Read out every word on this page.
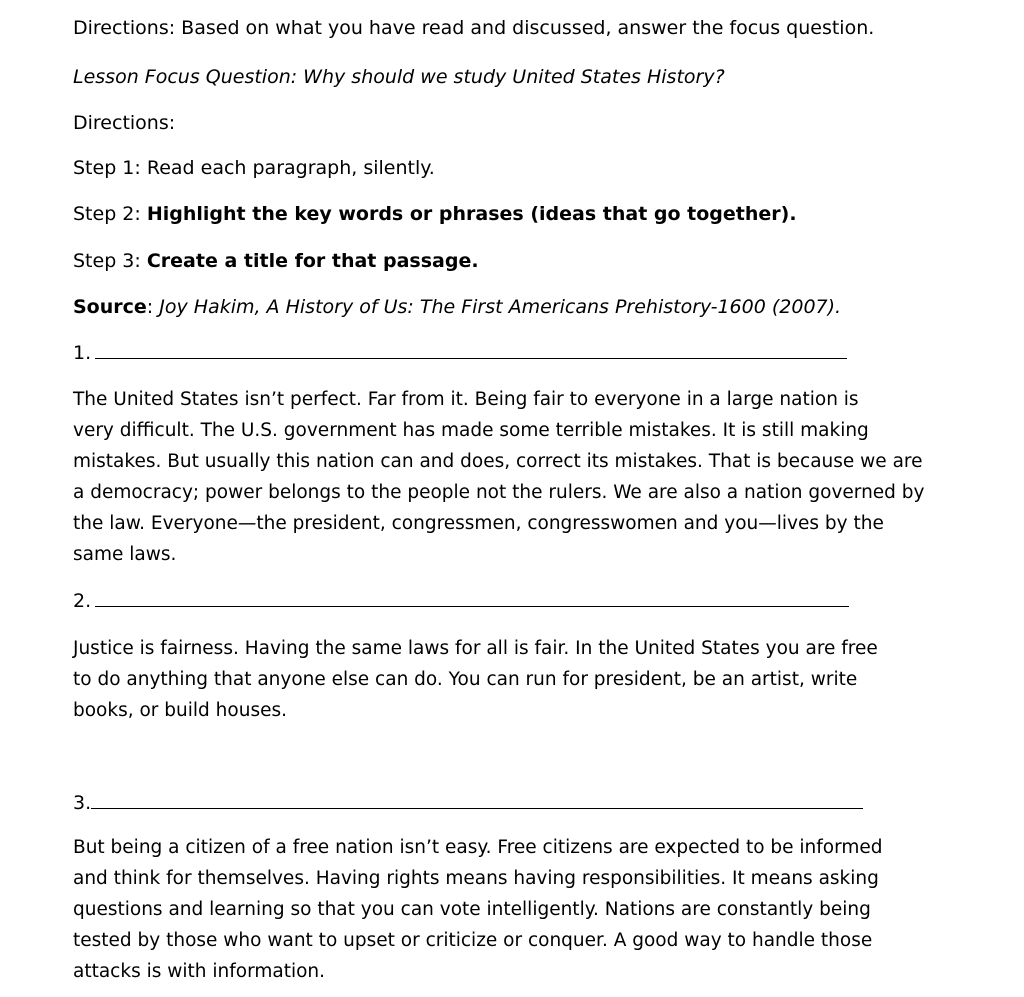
Directions: Based on what you have read and discussed, answer the focus question.
Lesson Focus Question: Why should we study United States History?
Directions:
Step 1: Read each paragraph, silently.
Step 2: Highlight the key words or phrases (ideas that go together).
Step 3: Create a title for that passage.
Source: Joy Hakim, A History of Us: The First Americans Prehistory-1600 (2007).
1.
The United States isn’t perfect. Far from it. Being fair to everyone in a large nation is
very difficult. The U.S. government has made some terrible mistakes. It is still making
mistakes. But usually this nation can and does, correct its mistakes. That is because we are
a democracy; power belongs to the people not the rulers. We are also a nation governed by
the law. Everyone—the president, congressmen, congresswomen and you—lives by the
same laws.
2.
Justice is fairness. Having the same laws for all is fair. In the United States you are free
to do anything that anyone else can do. You can run for president, be an artist, write
books, or build houses.
3.
But being a citizen of a free nation isn’t easy. Free citizens are expected to be informed
and think for themselves. Having rights means having responsibilities. It means asking
questions and learning so that you can vote intelligently. Nations are constantly being
tested by those who want to upset or criticize or conquer. A good way to handle those
attacks is with information.
